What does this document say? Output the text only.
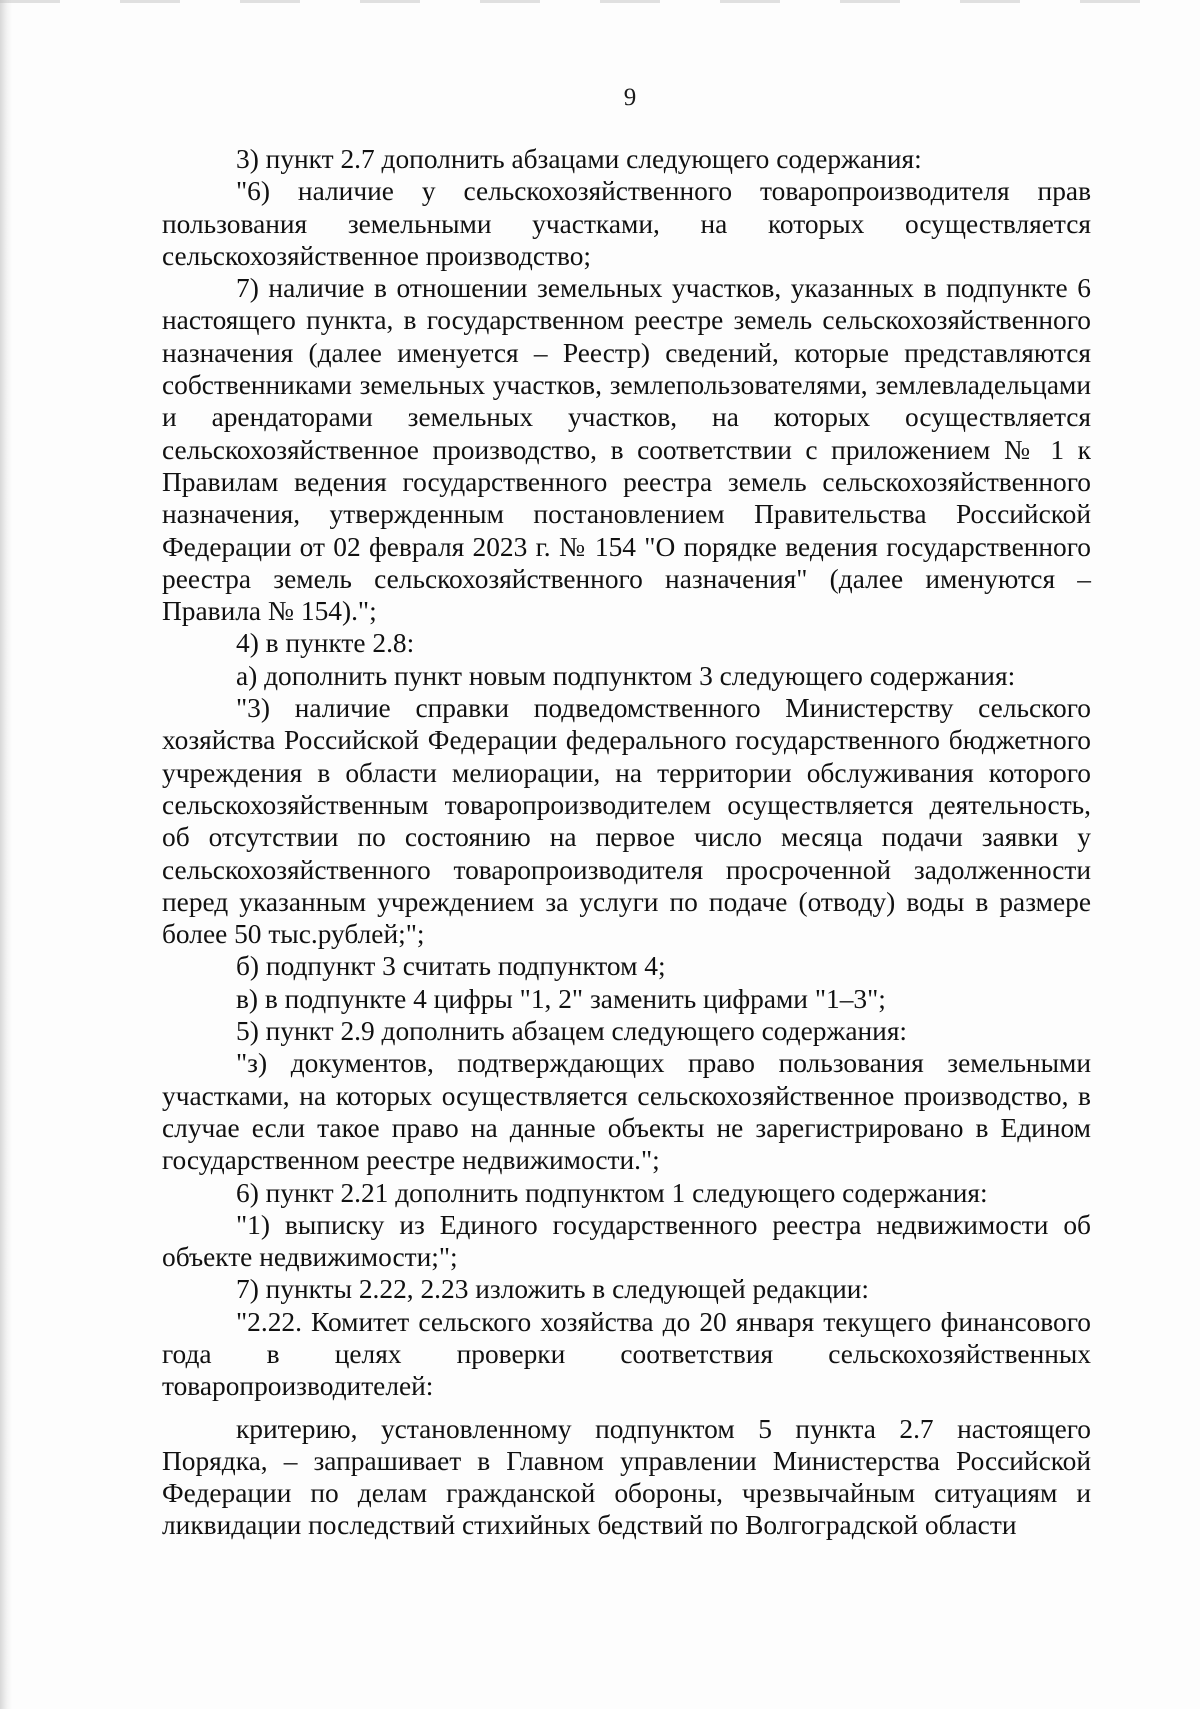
9

3) пункт 2.7 дополнить абзацами следующего содержания:

"6) наличие у сельскохозяйственного товаропроизводителя прав пользования земельными участками, на которых осуществляется сельскохозяйственное производство;

7) наличие в отношении земельных участков, указанных в подпункте 6 настоящего пункта, в государственном реестре земель сельскохозяйственного назначения (далее именуется – Реестр) сведений, которые представляются собственниками земельных участков, землепользователями, землевладельцами и арендаторами земельных участков, на которых осуществляется сельскохозяйственное производство, в соответствии с приложением № 1 к Правилам ведения государственного реестра земель сельскохозяйственного назначения, утвержденным постановлением Правительства Российской Федерации от 02 февраля 2023 г. № 154 "О порядке ведения государственного реестра земель сельскохозяйственного назначения" (далее именуются – Правила № 154).";

4) в пункте 2.8:

а) дополнить пункт новым подпунктом 3 следующего содержания:

"3) наличие справки подведомственного Министерству сельского хозяйства Российской Федерации федерального государственного бюджетного учреждения в области мелиорации, на территории обслуживания которого сельскохозяйственным товаропроизводителем осуществляется деятельность, об отсутствии по состоянию на первое число месяца подачи заявки у сельскохозяйственного товаропроизводителя просроченной задолженности перед указанным учреждением за услуги по подаче (отводу) воды в размере более 50 тыс.рублей;";

б) подпункт 3 считать подпунктом 4;

в) в подпункте 4 цифры "1, 2" заменить цифрами "1–3";

5) пункт 2.9 дополнить абзацем следующего содержания:

"з) документов, подтверждающих право пользования земельными участками, на которых осуществляется сельскохозяйственное производство, в случае если такое право на данные объекты не зарегистрировано в Едином государственном реестре недвижимости.";

6) пункт 2.21 дополнить подпунктом 1 следующего содержания:

"1) выписку из Единого государственного реестра недвижимости об объекте недвижимости;";

7) пункты 2.22, 2.23 изложить в следующей редакции:

"2.22. Комитет сельского хозяйства до 20 января текущего финансового года в целях проверки соответствия сельскохозяйственных товаропроизводителей:

критерию, установленному подпунктом 5 пункта 2.7 настоящего Порядка, – запрашивает в Главном управлении Министерства Российской Федерации по делам гражданской обороны, чрезвычайным ситуациям и ликвидации последствий стихийных бедствий по Волгоградской области
